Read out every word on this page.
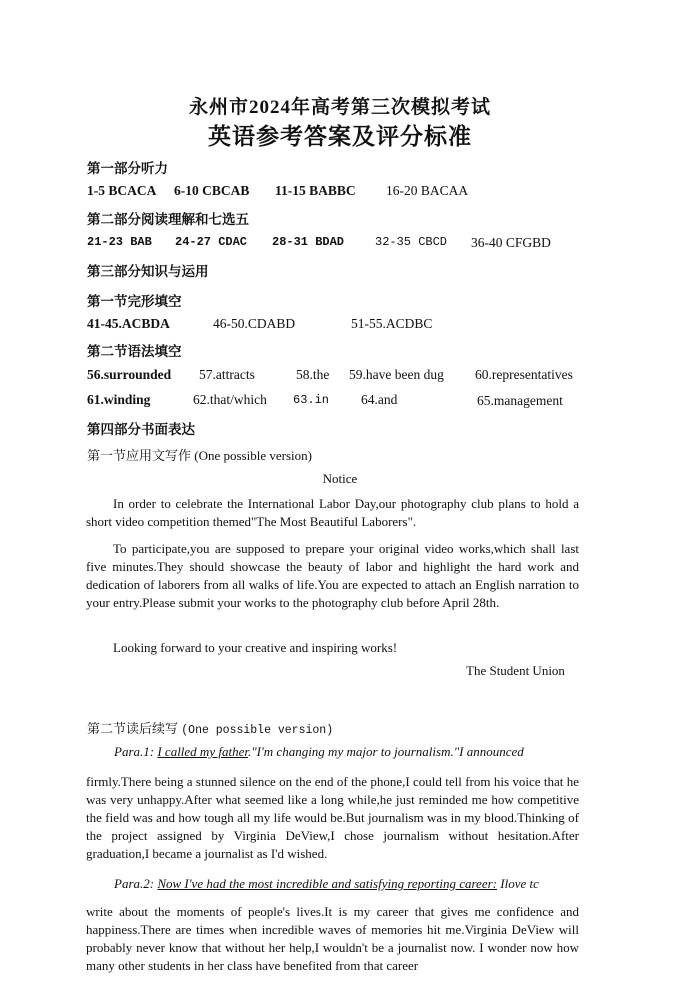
永州市2024年高考第三次模拟考试
英语参考答案及评分标准
第一部分听力
1-5 BCACA 6-10 CBCAB 11-15 BABBC 16-20 BACAA
第二部分阅读理解和七选五
21-23 BAB 24-27 CDAC 28-31 BDAD	32-35 CBCD 36-40 CFGBD
第三部分知识与运用
第一节完形填空
41-45.ACBDA	46-50.CDABD	51-55.ACDBC
第二节语法填空
56.surrounded 57.attracts	58.the 59.have been dug 60.representatives
61.winding	62.that/which 63.in 64.and	65.management
第四部分书面表达
第一节应用文写作 (One possible version)
Notice

In order to celebrate the International Labor Day,our photography club plans to hold a short video competition themed"The Most Beautiful Laborers".

To participate,you are supposed to prepare your original video works,which shall last five minutes.They should showcase the beauty of labor and highlight the hard work and dedication of laborers from all walks of life.You are expected to attach an English narration to your entry.Please submit your works to the photography club before April 28th.

Looking forward to your creative and inspiring works!

The Student Union
第二节读后续写 (One possible version)
Para.1: I called my father."I'm changing my major to journalism."I announced

firmly.There being a stunned silence on the end of the phone,I could tell from his voice that he was very unhappy.After what seemed like a long while,he just reminded me how competitive the field was and how tough all my life would be.But journalism was in my blood.Thinking of the project assigned by Virginia DeView,I chose journalism without hesitation.After graduation,I became a journalist as I'd wished.

Para.2: Now I've had the most incredible and satisfying reporting career: Ilove tc

write about the moments of people's lives.It is my career that gives me confidence and happiness.There are times when incredible waves of memories hit me.Virginia DeView will probably never know that without her help,I wouldn't be a journalist now. I wonder now how many other students in her class have benefited from that career
